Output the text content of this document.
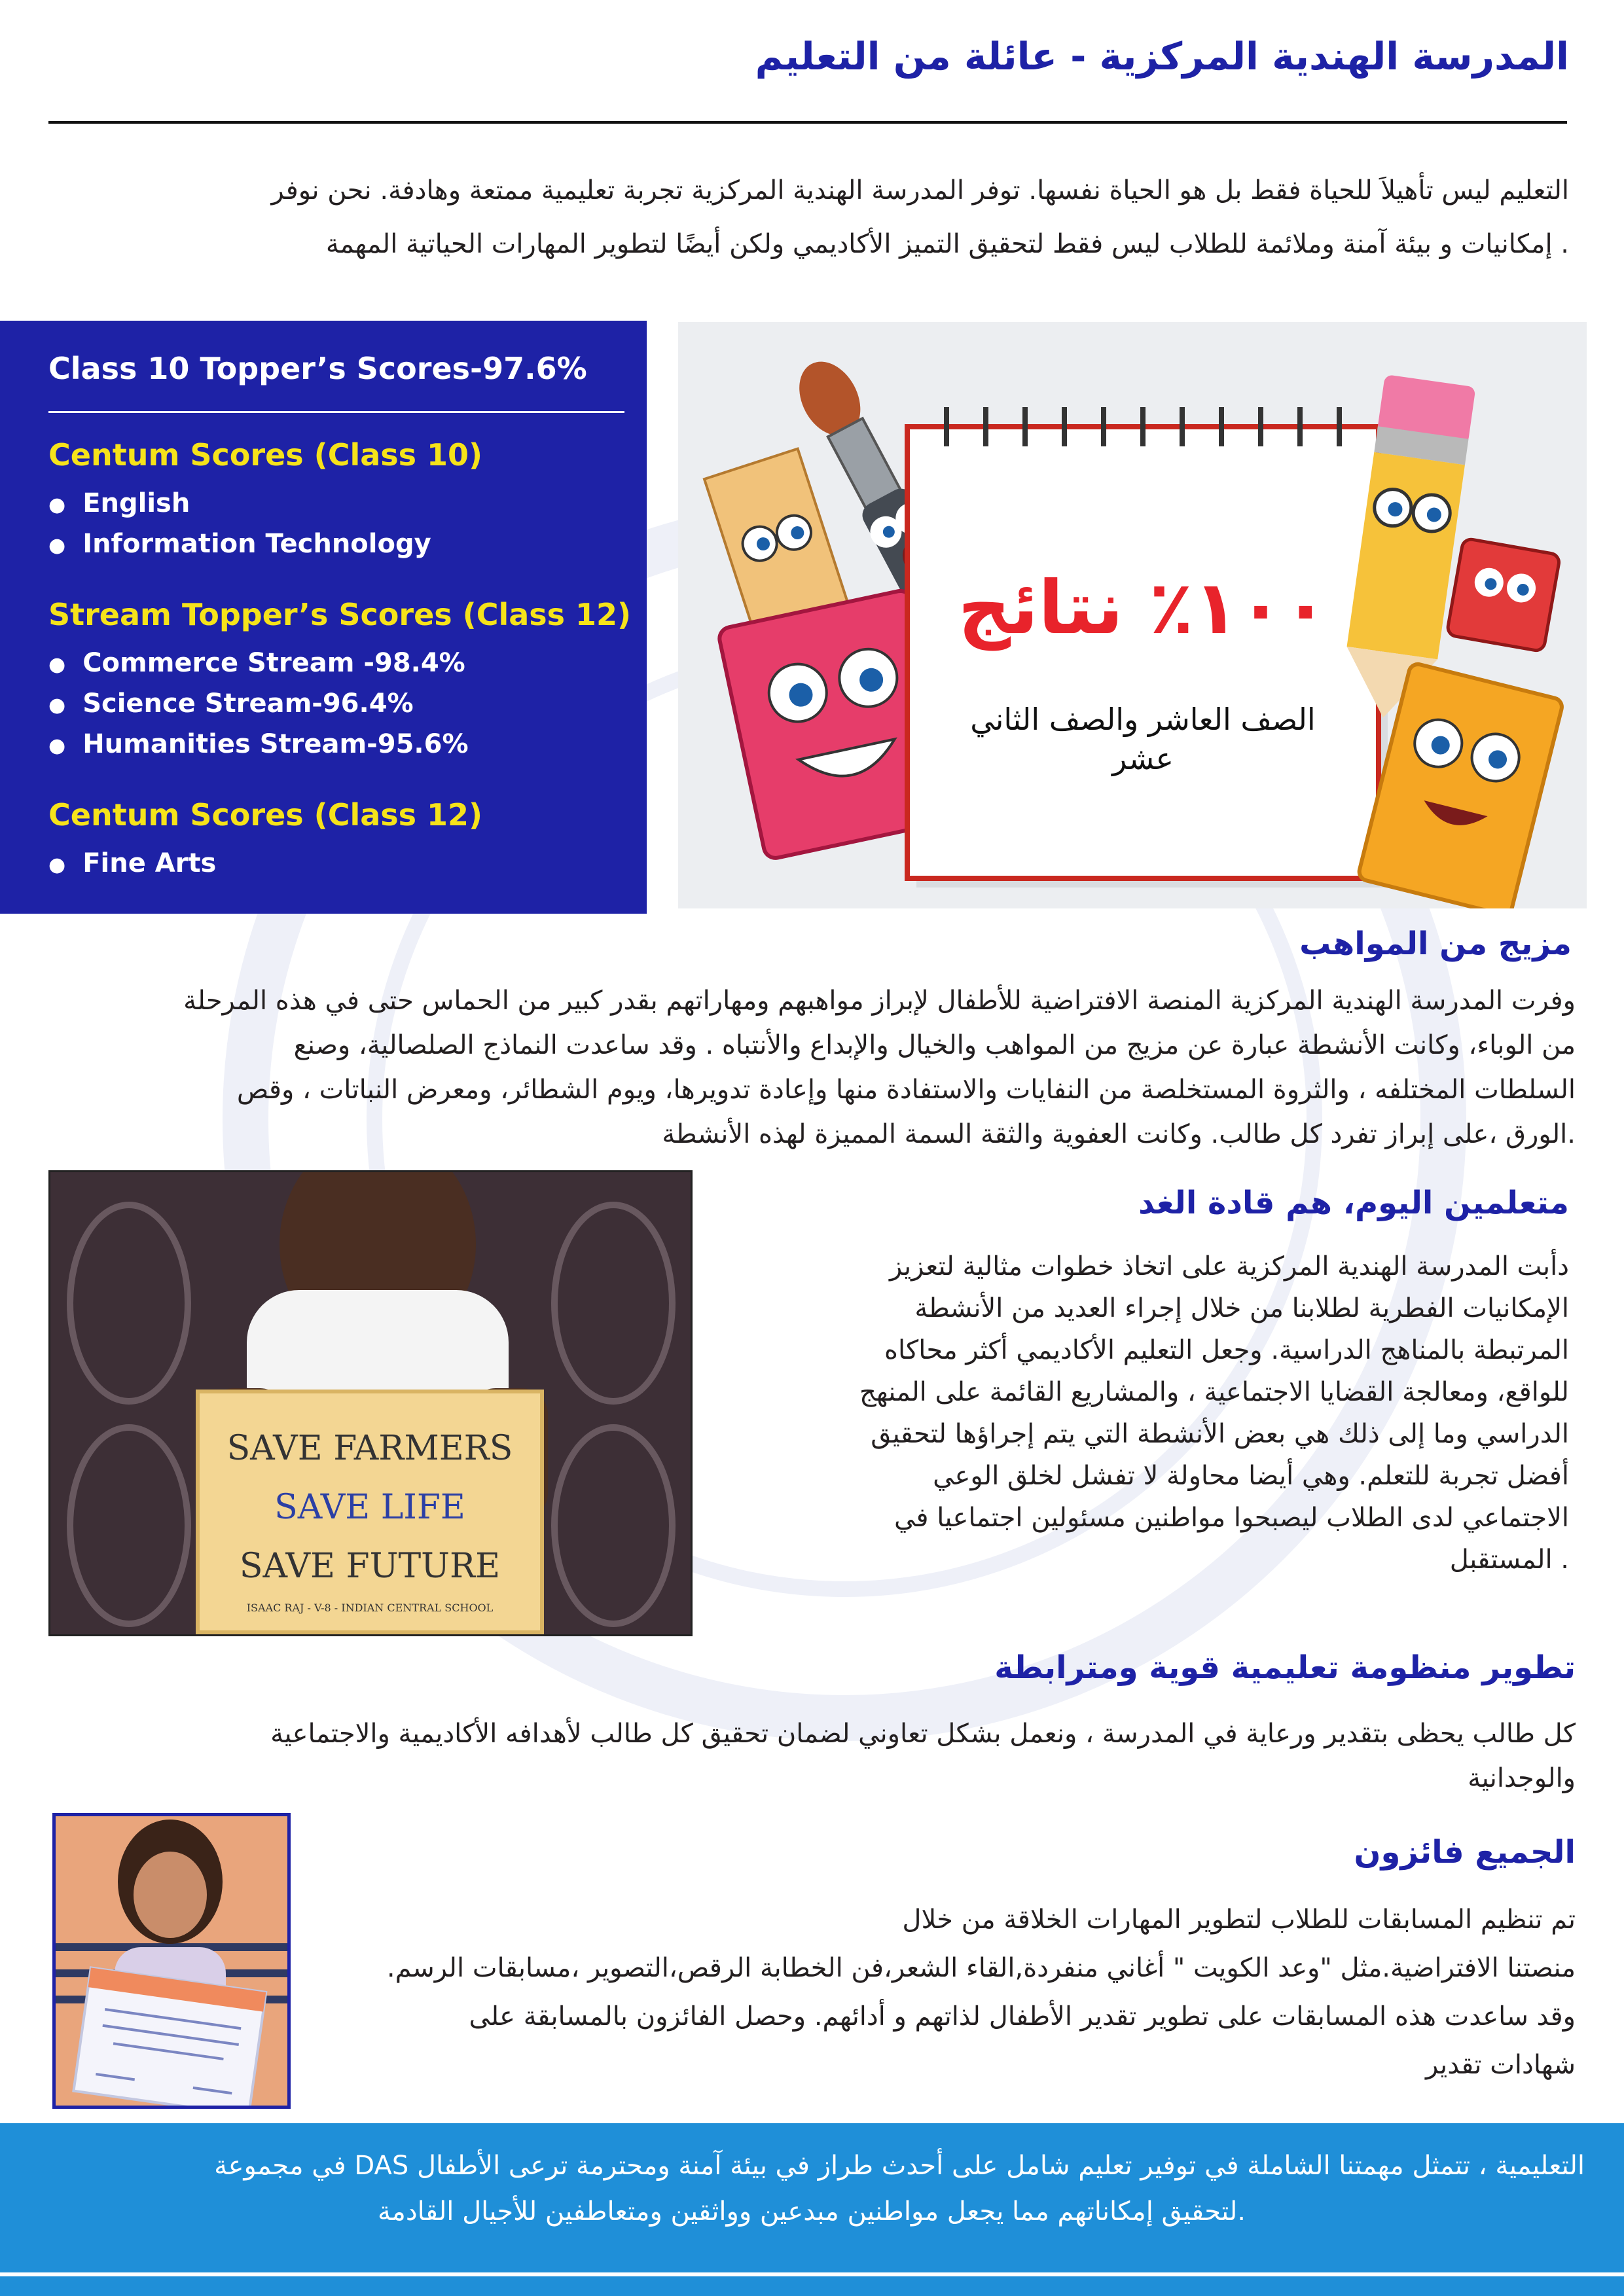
المدرسة الهندية المركزية - عائلة من التعليم
التعليم ليس تأهيلاَ للحياة فقط بل هو الحياة نفسها. توفر المدرسة الهندية المركزية تجربة تعليمية ممتعة وهادفة. نحن نوفر
. إمكانيات و بيئة آمنة وملائمة للطلاب ليس فقط لتحقيق التميز الأكاديمي ولكن أيضًا لتطوير المهارات الحياتية المهمة
Class 10 Topper’s Scores-97.6%
Centum Scores (Class 10)
● English
● Information Technology
Stream Topper’s Scores (Class 12)
● Commerce Stream -98.4%
● Science Stream-96.4%
● Humanities Stream-95.6%
Centum Scores (Class 12)
● Fine Arts
١٠٠٪ نتائج
الصف العاشر والصف الثاني
عشر
مزيج من المواهب
وفرت المدرسة الهندية المركزية المنصة الافتراضية للأطفال لإبراز مواهبهم ومهاراتهم بقدر كبير من الحماس حتى في هذه المرحلة
من الوباء، وكانت الأنشطة عبارة عن مزيج من المواهب والخيال والإبداع والأنتباه . وقد ساعدت النماذج الصلصالية، وصنع
السلطات المختلفه ، والثروة المستخلصة من النفايات والاستفادة منها وإعادة تدويرها، ويوم الشطائر، ومعرض النباتات ، وقص
.الورق ،على إبراز تفرد كل طالب. وكانت العفوية والثقة السمة المميزة لهذه الأنشطة
SAVE FARMERS
SAVE LIFE
SAVE FUTURE
ISAAC RAJ - V-8 - INDIAN CENTRAL SCHOOL
متعلمين اليوم، هم قادة الغد
دأبت المدرسة الهندية المركزية على اتخاذ خطوات مثالية لتعزيز
الإمكانيات الفطرية لطلابنا من خلال إجراء العديد من الأنشطة
المرتبطة بالمناهج الدراسية. وجعل التعليم الأكاديمي أكثر محاكاه
للواقع، ومعالجة القضايا الاجتماعية ، والمشاريع القائمة على المنهج
الدراسي وما إلى ذلك هي بعض الأنشطة التي يتم إجراؤها لتحقيق
أفضل تجربة للتعلم. وهي أيضا محاولة لا تفشل لخلق الوعي
الاجتماعي لدى الطلاب ليصبحوا مواطنين مسئولين اجتماعيا في
. المستقبل
تطوير منظومة تعليمية قوية ومترابطة
كل طالب يحظى بتقدير ورعاية في المدرسة ، ونعمل بشكل تعاوني لضمان تحقيق كل طالب لأهدافه الأكاديمية والاجتماعية
والوجدانية
الجميع فائزون
تم تنظيم المسابقات للطلاب لتطوير المهارات الخلاقة من خلال
منصتنا الافتراضية.مثل "وعد الكويت " أغاني منفردة,القاء الشعر،فن الخطابة الرقص،التصوير ،مسابقات الرسم.
وقد ساعدت هذه المسابقات على تطوير تقدير الأطفال لذاتهم و أدائهم. وحصل الفائزون بالمسابقة على
شهادات تقدير
التعليمية ، تتمثل مهمتنا الشاملة في توفير تعليم شامل على أحدث طراز في بيئة آمنة ومحترمة ترعى الأطفال DAS في مجموعة
.لتحقيق إمكاناتهم مما يجعل مواطنين مبدعين وواثقين ومتعاطفين للأجيال القادمة
